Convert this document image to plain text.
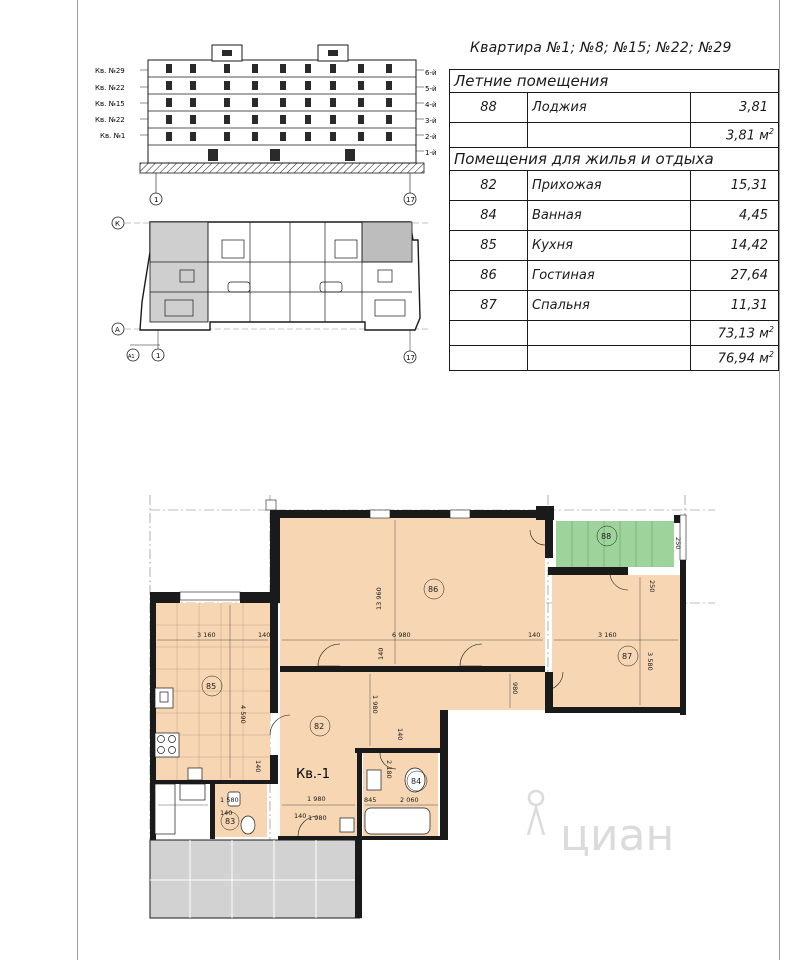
Квартира №1; №8; №15; №22; №29
Летние помещения		
88	Лоджия	3,81
		3,81 $м^2$
Помещения для жилья и отдыха		
82	Прихожая	15,31
84	Ванная	4,45
85	Кухня	14,42
86	Гостиная	27,64
87	Спальня	11,31
		73,13 $м^2$
		76,94 $м^2$
Кв. №29
Кв. №22
Кв. №15
Кв. №22
Кв. №1
6-й
5-й
4-й
3-й
2-й
1-й
1	17
К
А
А1	1	17
86
87
88
85
82
84
83
Кв.-1
13 960
6 980	140
3 160	140	3 160
4 590
3 580
250
250
140
980
1 980
1 980
140
2 180
140
1 580
1 980
2 060
845
140
140	циан
